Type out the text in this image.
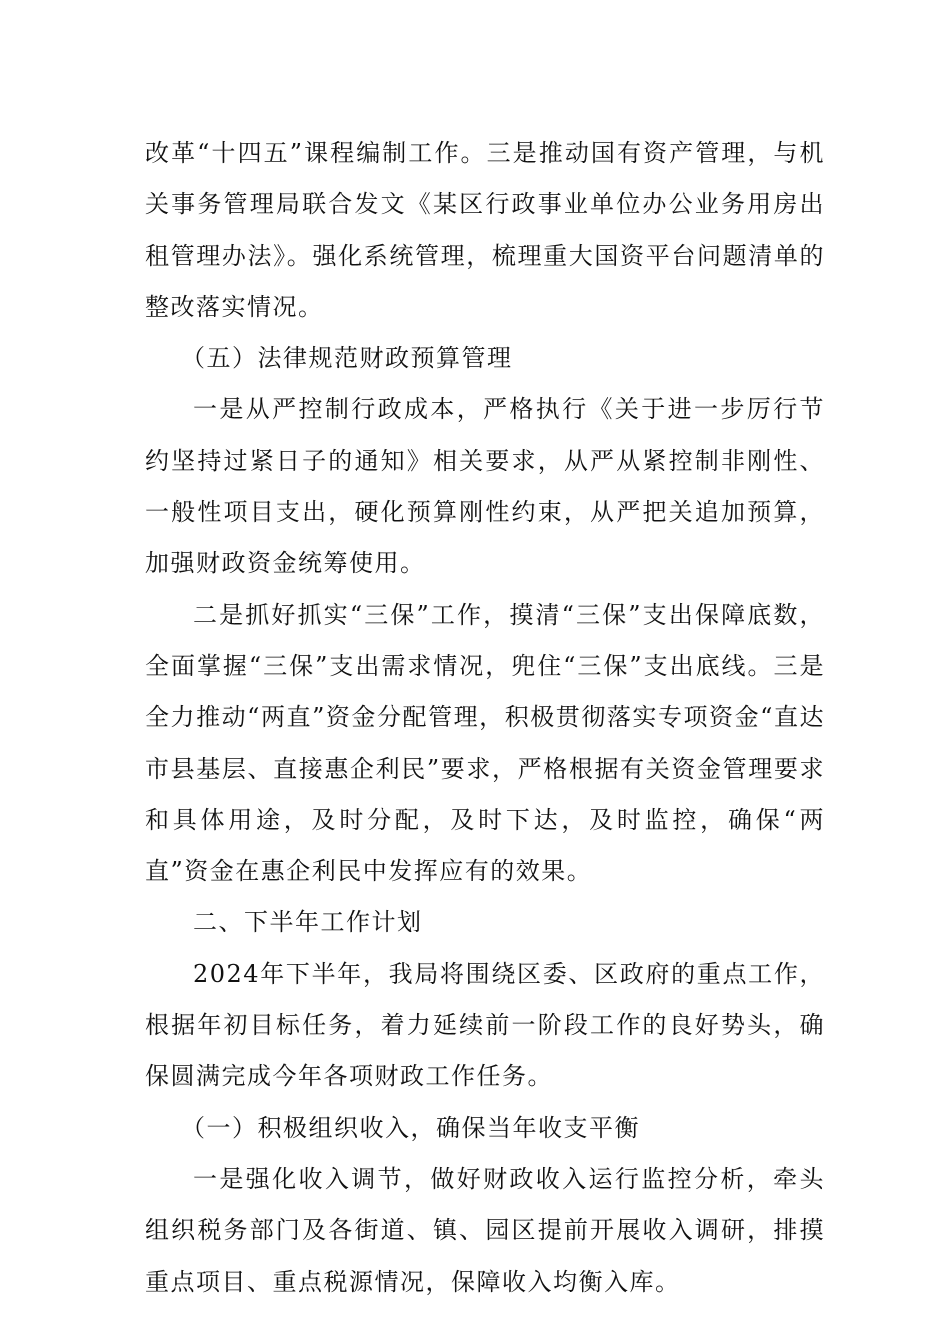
改革“十四五”课程编制工作。三是推动国有资产管理，与机关事务管理局联合发文《某区行政事业单位办公业务用房出租管理办法》。强化系统管理，梳理重大国资平台问题清单的整改落实情况。

（五）法律规范财政预算管理

一是从严控制行政成本，严格执行《关于进一步厉行节约坚持过紧日子的通知》相关要求，从严从紧控制非刚性、一般性项目支出，硬化预算刚性约束，从严把关追加预算，加强财政资金统筹使用。

二是抓好抓实“三保”工作，摸清“三保”支出保障底数，全面掌握“三保”支出需求情况，兜住“三保”支出底线。三是全力推动“两直”资金分配管理，积极贯彻落实专项资金“直达市县基层、直接惠企利民”要求，严格根据有关资金管理要求和具体用途，及时分配，及时下达，及时监控，确保“两直”资金在惠企利民中发挥应有的效果。

二、下半年工作计划

2024年下半年，我局将围绕区委、区政府的重点工作，根据年初目标任务，着力延续前一阶段工作的良好势头，确保圆满完成今年各项财政工作任务。

（一）积极组织收入，确保当年收支平衡

一是强化收入调节，做好财政收入运行监控分析，牵头组织税务部门及各街道、镇、园区提前开展收入调研，排摸重点项目、重点税源情况，保障收入均衡入库。
